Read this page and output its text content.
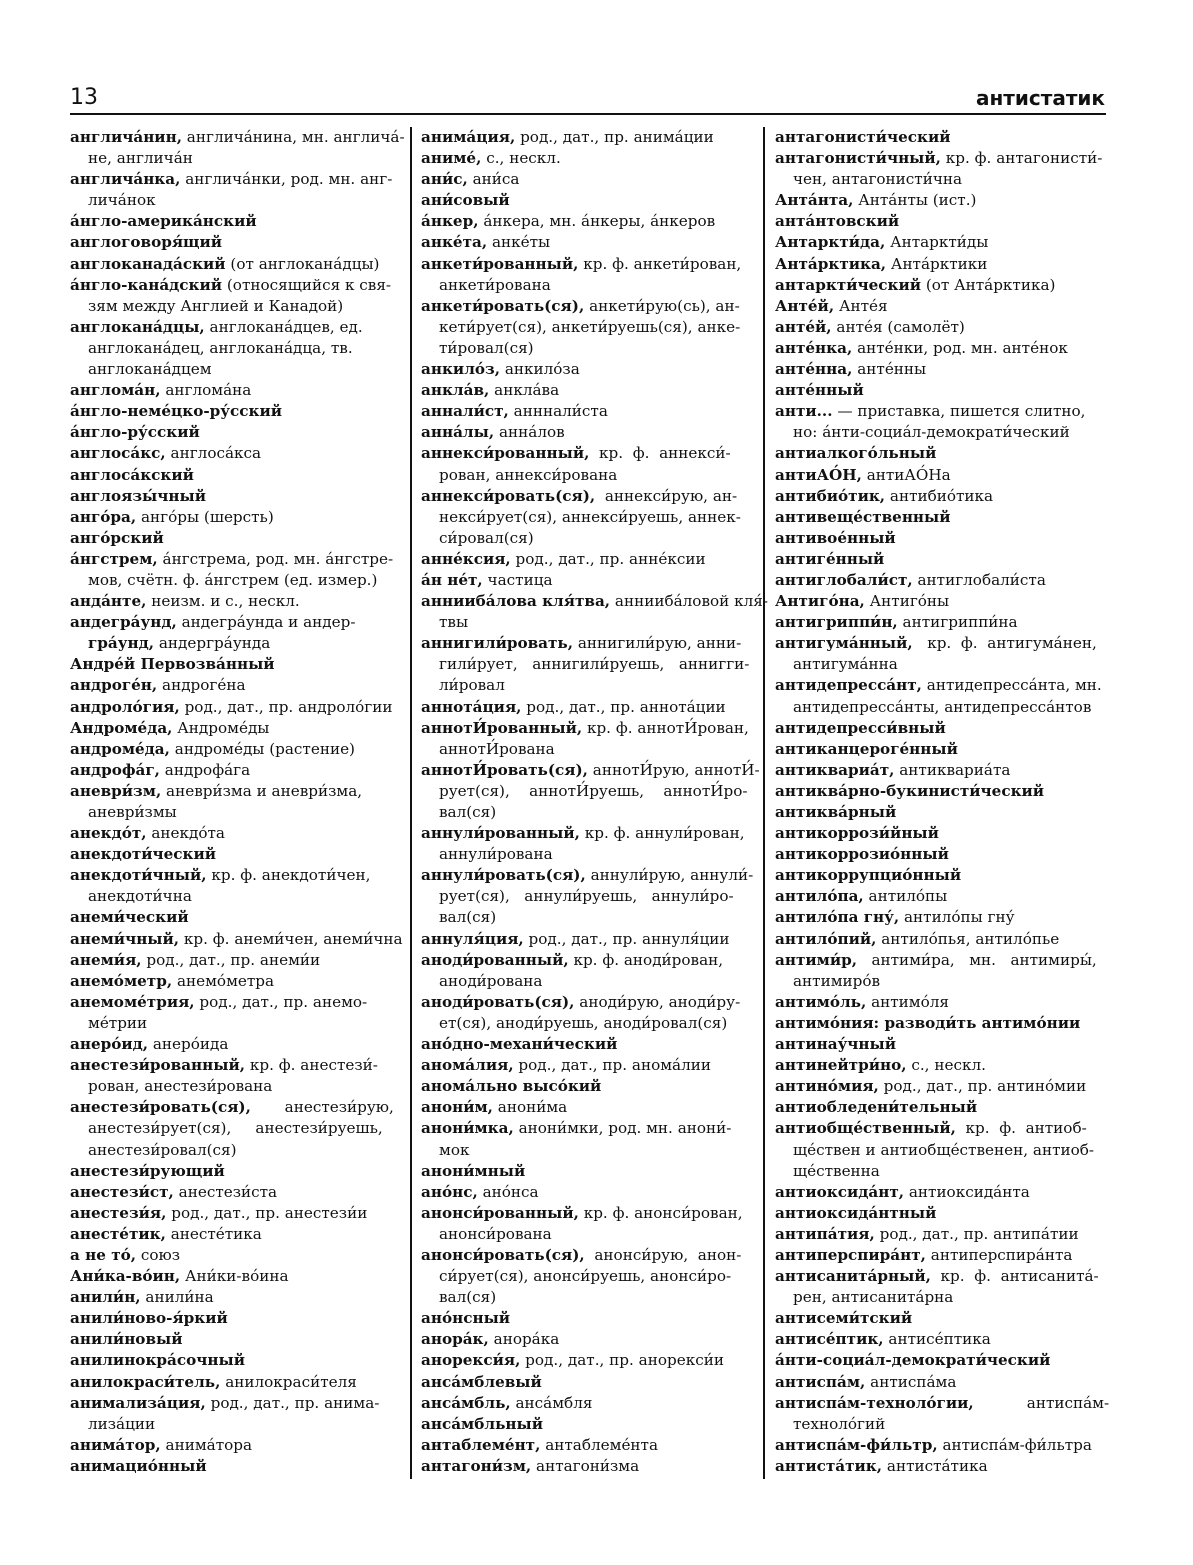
13	антистатик
англича́нин, англича́нина, мн. англича́-
не, англича́н
англича́нка, англича́нки, род. мн. анг-
лича́нок
а́нгло-америка́нский
англоговоря́щий
англоканада́ский (от англокана́дцы)
а́нгло-кана́дский (относящийся к свя-
зям между Англией и Канадой)
англокана́дцы, англокана́дцев, ед.
англокана́дец, англокана́дца, тв.
англокана́дцем
англома́н, англома́на
а́нгло-неме́цко-ру́сский
а́нгло-ру́сский
англоса́кс, англоса́кса
англоса́кский
англоязы́чный
анго́ра, анго́ры (шерсть)
анго́рский
а́нгстрем, а́нгстрема, род. мн. а́нгстре-
мов, счётн. ф. а́нгстрем (ед. измер.)
анда́нте, неизм. и с., нескл.
андегра́унд, андегра́унда и андер-
гра́унд, андергра́унда
Андре́й Первозва́нный
андроге́н, андроге́на
андроло́гия, род., дат., пр. андроло́гии
Андроме́да, Андроме́ды
андроме́да, андроме́ды (растение)
андрофа́г, андрофа́га
аневри́зм, аневри́зма и аневри́зма,
аневри́змы
анекдо́т, анекдо́та
анекдоти́ческий
анекдоти́чный, кр. ф. анекдоти́чен,
анекдоти́чна
анеми́ческий
анеми́чный, кр. ф. анеми́чен, анеми́чна
анеми́я, род., дат., пр. анеми́и
анемо́метр, анемо́метра
анемоме́трия, род., дат., пр. анемо-
ме́трии
анеро́ид, анеро́ида
анестези́рованный, кр. ф. анестези́-
рован, анестези́рована
анестези́ровать(ся),       анестези́рую,
анестези́рует(ся),     анестези́руешь,
анестези́ровал(ся)
анестези́рующий
анестези́ст, анестези́ста
анестези́я, род., дат., пр. анестези́и
анесте́тик, анесте́тика
а не то́, союз
Ани́ка-во́ин, Ани́ки-во́ина
анили́н, анили́на
анили́ново-я́ркий
анили́новый
анилинокра́сочный
анилокраси́тель, анилокраси́теля
анимализа́ция, род., дат., пр. анима-
лиза́ции
анима́тор, анима́тора
анимацио́нный
анима́ция, род., дат., пр. анима́ции
аниме́, с., нескл.
ани́с, ани́са
ани́совый
а́нкер, а́нкера, мн. а́нкеры, а́нкеров
анке́та, анке́ты
анкети́рованный, кр. ф. анкети́рован,
анкети́рована
анкети́ровать(ся), анкети́рую(сь), ан-
кети́рует(ся), анкети́руешь(ся), анке-
ти́ровал(ся)
анкило́з, анкило́за
анкла́в, анкла́ва
аннали́ст, анннали́ста
анна́лы, анна́лов
аннекси́рованный,  кр.  ф.  аннекси́-
рован, аннекси́рована
аннекси́ровать(ся),  аннекси́рую, ан-
некси́рует(ся), аннекси́руешь, аннек-
си́ровал(ся)
анне́ксия, род., дат., пр. анне́ксии
а́н не́т, частица
аннииба́лова кля́тва, аннииба́ловой кля́-
твы
аннигили́ровать, аннигили́рую, анни-
гили́рует,   аннигили́руешь,   аннигги-
ли́ровал
аннота́ция, род., дат., пр. аннота́ции
аннотИ́рованный, кр. ф. аннотИ́рован,
аннотИ́рована
аннотИ́ровать(ся), аннотИ́рую, аннотИ́-
рует(ся),    аннотИ́руешь,    аннотИ́ро-
вал(ся)
аннули́рованный, кр. ф. аннули́рован,
аннули́рована
аннули́ровать(ся), аннули́рую, аннули́-
рует(ся),   аннули́руешь,   аннули́ро-
вал(ся)
аннуля́ция, род., дат., пр. аннуля́ции
аноди́рованный, кр. ф. аноди́рован,
аноди́рована
аноди́ровать(ся), аноди́рую, аноди́ру-
ет(ся), аноди́руешь, аноди́ровал(ся)
ано́дно-механи́ческий
анома́лия, род., дат., пр. анома́лии
анома́льно высо́кий
анони́м, анони́ма
анони́мка, анони́мки, род. мн. анони́-
мок
анони́мный
ано́нс, ано́нса
анонси́рованный, кр. ф. анонси́рован,
анонси́рована
анонси́ровать(ся),  анонси́рую,  анон-
си́рует(ся), анонси́руешь, анонси́ро-
вал(ся)
ано́нсный
анора́к, анора́ка
анорекси́я, род., дат., пр. анорекси́и
анса́мблевый
анса́мбль, анса́мбля
анса́мбльный
антаблеме́нт, антаблеме́нта
антагони́зм, антагони́зма
антагонисти́ческий
антагонисти́чный, кр. ф. антагонисти́-
чен, антагонисти́чна
Анта́нта, Анта́нты (ист.)
анта́нтовский
Антаркти́да, Антаркти́ды
Анта́рктика, Анта́рктики
антаркти́ческий (от Анта́рктика)
Анте́й, Анте́я
анте́й, анте́я (самолёт)
анте́нка, анте́нки, род. мн. анте́нок
анте́нна, анте́нны
анте́нный
анти... — приставка, пишется слитно,
но: а́нти-социа́л-демократи́ческий
антиалкого́льный
антиАО́Н, антиАО́На
антибио́тик, антибио́тика
антивеще́ственный
антивое́нный
антиге́нный
антиглобали́ст, антиглобали́ста
Антиго́на, Антиго́ны
антигриппи́н, антигриппи́на
антигума́нный,   кр.  ф.  антигума́нен,
антигума́нна
антидепресса́нт, антидепресса́нта, мн.
антидепресса́нты, антидепресса́нтов
антидепресси́вный
антиканцероге́нный
антиквариа́т, антиквариа́та
антиква́рно-букинисти́ческий
антиква́рный
антикоррози́йный
антикоррозио́нный
антикоррупцио́нный
антило́па, антило́пы
антило́па гну́, антило́пы гну́
антило́пий, антило́пья, антило́пье
антими́р,   антими́ра,   мн.   антимиры́,
антимиро́в
антимо́ль, антимо́ля
антимо́ния: разводи́ть антимо́нии
антинау́чный
антинейтри́но, с., нескл.
антино́мия, род., дат., пр. антино́мии
антиобледени́тельный
антиобще́ственный,  кр.  ф.  антиоб-
ще́ствен и антиобще́ственен, антиоб-
ще́ственна
антиоксида́нт, антиоксида́нта
антиоксида́нтный
антипа́тия, род., дат., пр. антипа́тии
антиперспира́нт, антиперспира́нта
антисанита́рный,  кр.  ф.  антисанита́-
рен, антисанита́рна
антисеми́тский
антисе́птик, антисе́птика
а́нти-социа́л-демократи́ческий
антиспа́м, антиспа́ма
антиспа́м-техноло́гии,           антиспа́м-
техноло́гий
антиспа́м-фи́льтр, антиспа́м-фи́льтра
антиста́тик, антиста́тика
